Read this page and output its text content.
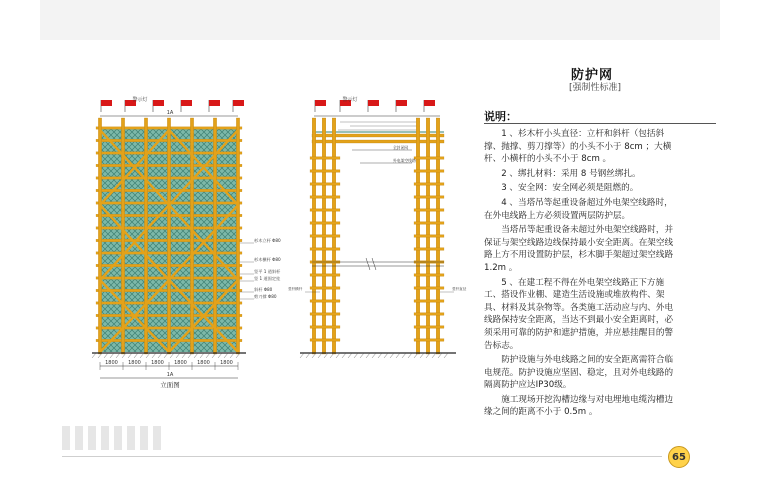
警示灯
1A
杉木立杆 Φ80
杉木横杆 Φ80
竖平 1 道斜杆
竖 1 道固定挂
斜杆 Φ80
剪刀撑 Φ80
1800 1800 1800 1800 1800 1800
1A
立面图
警示灯
全封闭网
外电架空线路
竖杆横杆	竖杆直径
防护网
[强制性标准]
说明：

1 、杉木杆小头直径：立杆和斜杆（包括斜撑、抛撑、剪刀撑等）的小头不小于 8cm ；大横杆、小横杆的小头不小于 8cm 。

2 、绑扎材料：采用 8 号钢丝绑扎。

3 、安全网：安全网必须是阻燃的。

4 、当塔吊等起重设备超过外电架空线路时，在外电线路上方必须设置两层防护层。

当塔吊等起重设备未超过外电架空线路时，并保证与架空线路边线保持最小安全距离。在架空线路上方不用设置防护层，杉木脚手架超过架空线路 1.2m 。

5 、在建工程不得在外电架空线路正下方施工、搭设作业棚、建造生活设施或堆放构件、架具、材料及其杂物等。各类施工活动应与内、外电线路保持安全距离，当达不到最小安全距离时，必须采用可靠的防护和遮护措施，并应悬挂醒目的警告标志。

防护设施与外电线路之间的安全距离需符合临电规范。防护设施应坚固、稳定，且对外电线路的隔离防护应达IP30级。

施工现场开挖沟槽边缘与对电埋地电缆沟槽边缘之间的距离不小于 0.5m 。

65
